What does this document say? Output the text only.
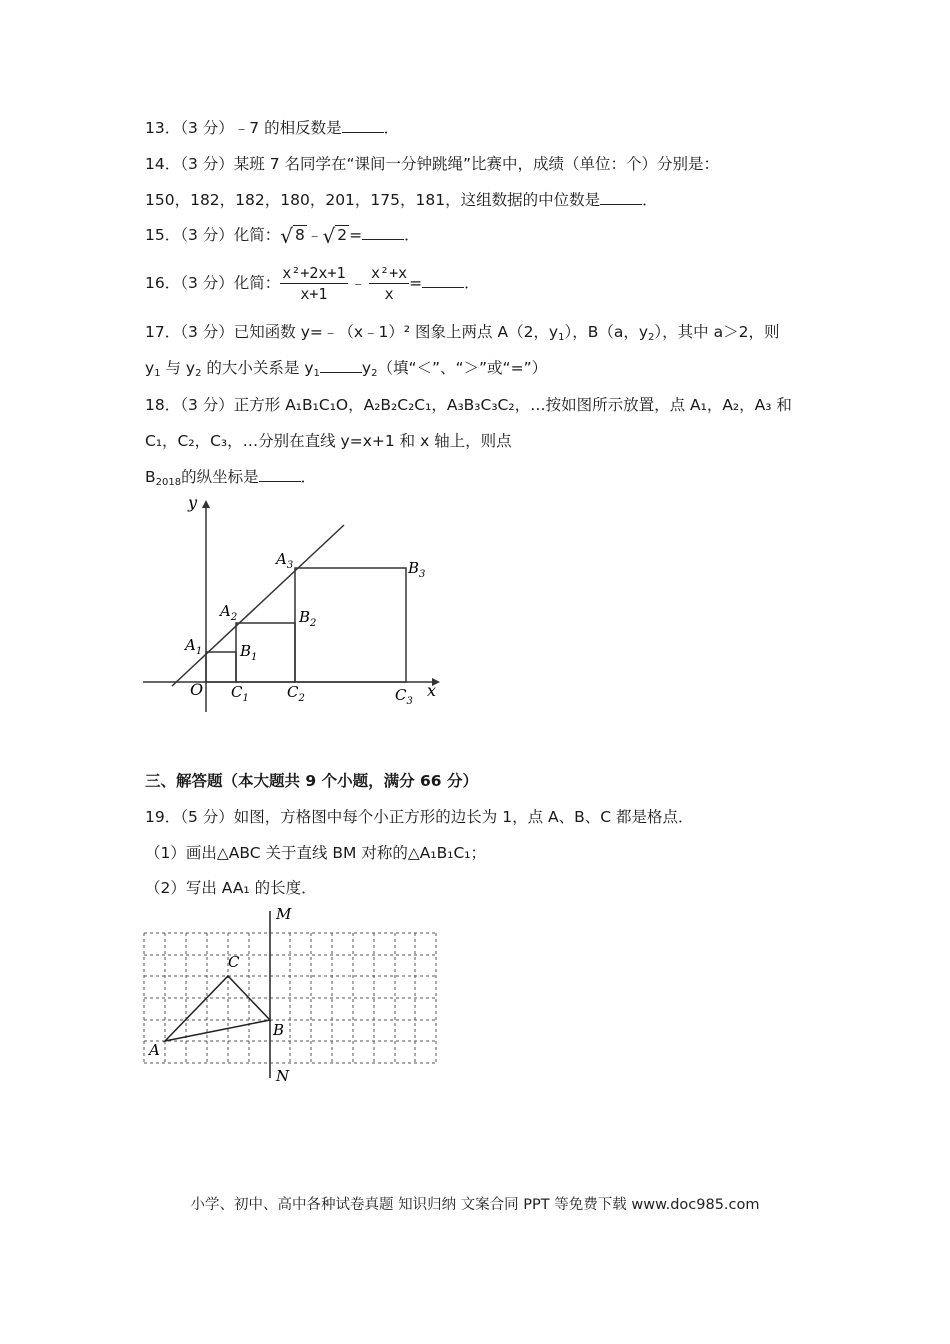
13．（3 分）﹣7 的相反数是	．
14．（3 分）某班 7 名同学在“课间一分钟跳绳”比赛中，成绩（单位：个）分别是：
150，182，182，180，201，175，181，这组数据的中位数是	．
15．（3 分）化简：√ 8 ﹣√ 2 =	．
16．（3 分）化简： $\frac{\text{x²+2x+1}}{x+1}$ ﹣ $\frac{\text{x²+x}}{x}$ =	．
17．（3 分）已知函数 y=﹣（x﹣1）² 图象上两点 A（2，$y_1$），B（a，$y_2$），其中 a＞2，则
$y_1$ 与 $y_2$ 的大小关系是 $y_1$	$y_2$（填“＜”、“＞”或“=”）
18．（3 分）正方形 A₁B₁C₁O，A₂B₂C₂C₁，A₃B₃C₃C₂，…按如图所示放置，点 A₁，A₂，A₃ 和
C₁，C₂，C₃，…分别在直线 y=x+1 和 x 轴上，则点
$B_{2018}$的纵坐标是	．
y
x
O
$A_1$
$A_2$
$A_3$
$B_1$
$B_2$
$B_3$
$C_1$	$C_2$	$C_3$
三、解答题（本大题共 9 个小题，满分 66 分）
19．（5 分）如图，方格图中每个小正方形的边长为 1，点 A、B、C 都是格点．
（1）画出△ABC 关于直线 BM 对称的△A₁B₁C₁；
（2）写出 AA₁ 的长度．
M
N
C
B
A
小学、初中、高中各种试卷真题 知识归纳 文案合同 PPT 等免费下载 www.doc985.com
